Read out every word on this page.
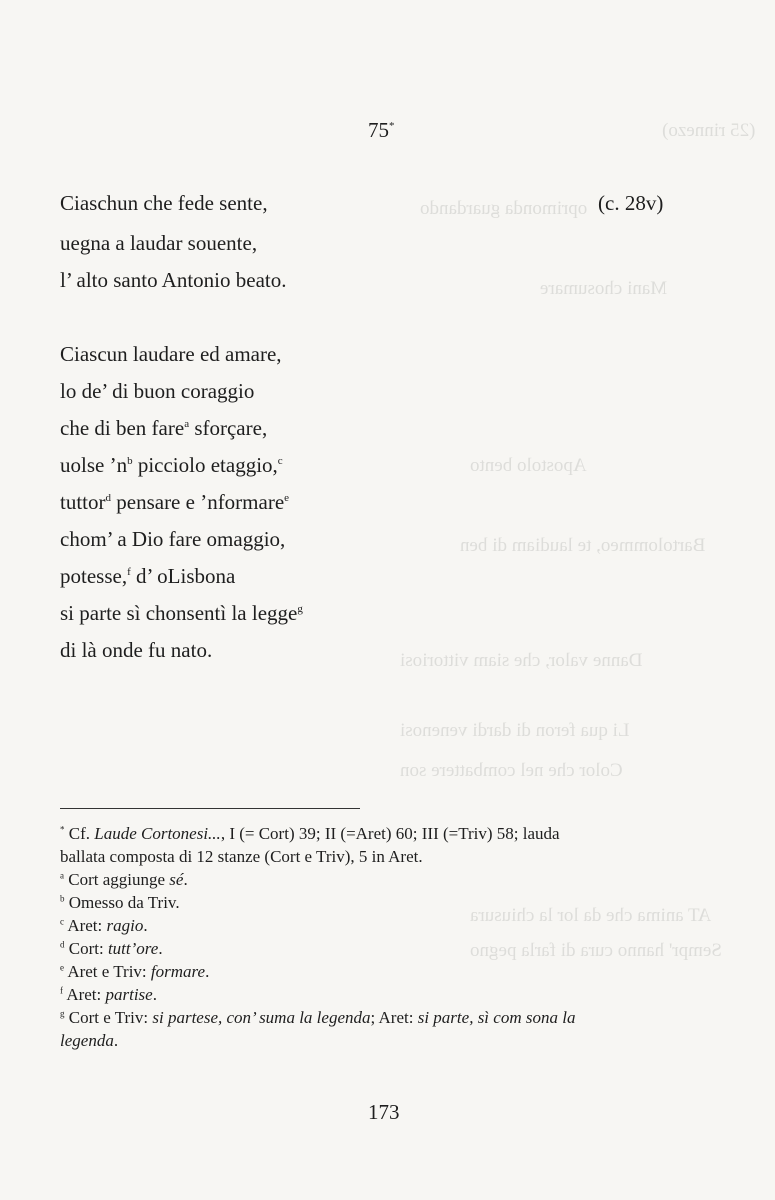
(25 rinnezo)
oprimonda guardando
Mani chosumare
Apostolo bento
Bartolommeo, te laudiam di ben
Danne valor, che siam vittoriosi
Li qua feron di dardi venenosi
Color che nel combattere son
AT anima che da lor la chiusura
Sempr' hanno cura di farla pegno
75*
Ciaschun che fede sente,	(c. 28v)
uegna a laudar souente,
l’ alto santo Antonio beato.
Ciascun laudare ed amare,
lo de’ di buon coraggio
che di ben fare$^a$ sforçare,
uolse $’n^b$ picciolo etaggio,$^c$
tuttor$^d$ pensare e ’nformare$^e$
chom’ a Dio fare omaggio,
potesse,$^f$ d’ oLisbona
si parte sì chonsentì la legge$^g$
di là onde fu nato.
* Cf. Laude Cortonesi..., I (= Cort) 39; II (=Aret) 60; III (=Triv) 58; lauda
ballata composta di 12 stanze (Cort e Triv), 5 in Aret.
$^a$ Cort aggiunge sé.
$^b$ Omesso da Triv.
$^c$ Aret: ragio.
$^d$ Cort: tutt’ore.
$^e$ Aret e Triv: formare.
$^f$ Aret: partise.
$^g$ Cort e Triv: si partese, con’ suma la legenda; Aret: si parte, sì com sona la
legenda.
173
